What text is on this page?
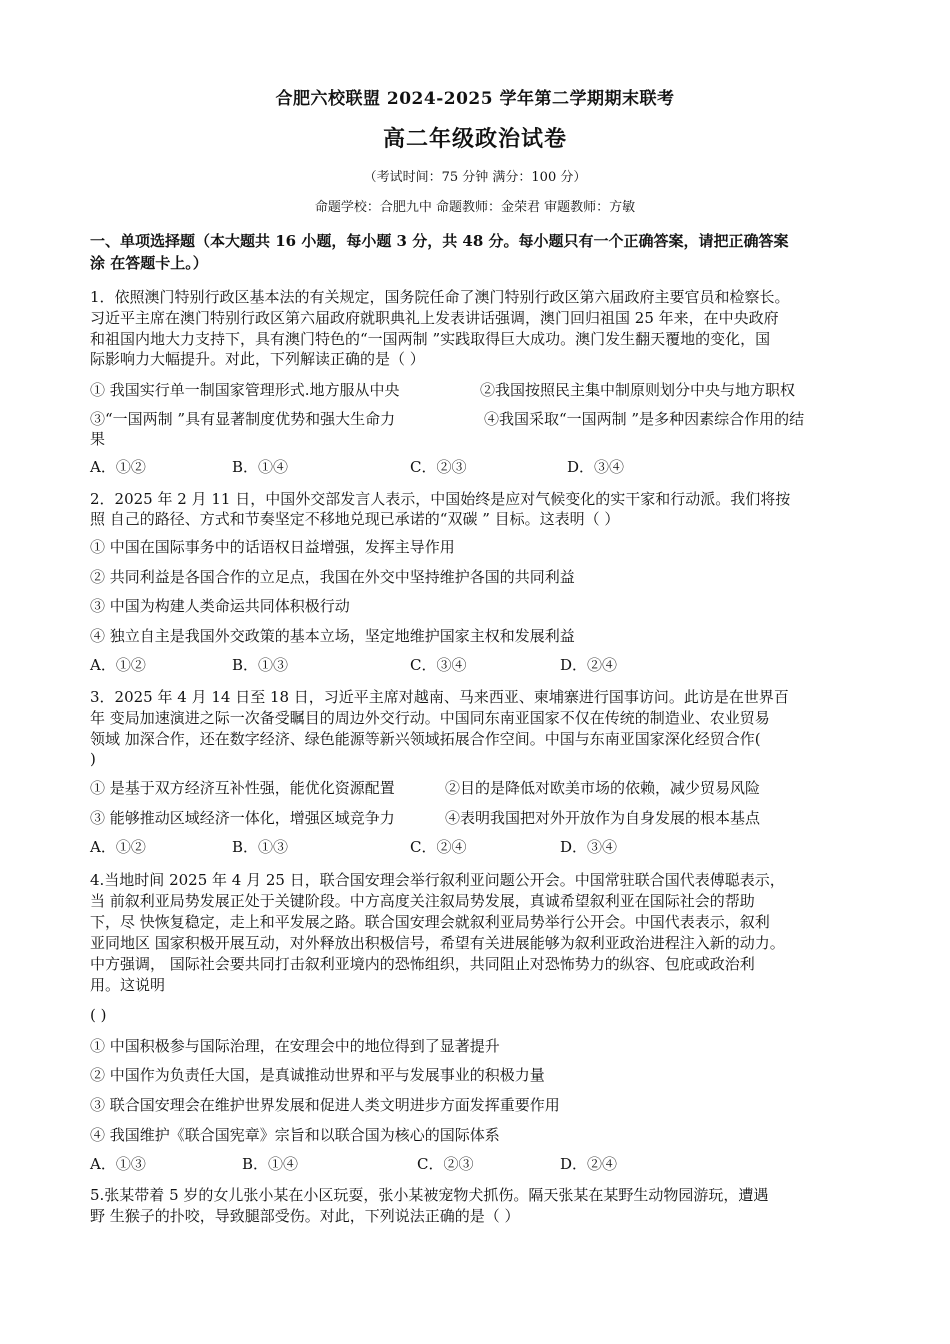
合肥六校联盟 2024-2025 学年第二学期期末联考
高二年级政治试卷
（考试时间：75 分钟 满分：100 分）
命题学校：合肥九中 命题教师：金荣君 审题教师：方敏
一、单项选择题（本大题共 16 小题，每小题 3 分，共 48 分。每小题只有一个正确答案，请把正确答案
涂 在答题卡上。）
1．依照澳门特别行政区基本法的有关规定，国务院任命了澳门特别行政区第六届政府主要官员和检察长。
习近平主席在澳门特别行政区第六届政府就职典礼上发表讲话强调，澳门回归祖国 25 年来，在中央政府
和祖国内地大力支持下，具有澳门特色的“一国两制 ”实践取得巨大成功。澳门发生翻天覆地的变化，国
际影响力大幅提升。对此，下列解读正确的是（ ）
① 我国实行单一制国家管理形式.地方服从中央	②我国按照民主集中制原则划分中央与地方职权
③“一国两制 ”具有显著制度优势和强大生命力	④我国采取“一国两制 ”是多种因素综合作用的结
果
A．①②	B．①④	C．②③	D．③④
2．2025 年 2 月 11 日，中国外交部发言人表示，中国始终是应对气候变化的实干家和行动派。我们将按
照 自己的路径、方式和节奏坚定不移地兑现已承诺的“双碳 ” 目标。这表明（ ）
① 中国在国际事务中的话语权日益增强，发挥主导作用
② 共同利益是各国合作的立足点，我国在外交中坚持维护各国的共同利益
③ 中国为构建人类命运共同体积极行动
④ 独立自主是我国外交政策的基本立场，坚定地维护国家主权和发展利益
A．①②	B．①③	C．③④	D．②④
3．2025 年 4 月 14 日至 18 日，习近平主席对越南、马来西亚、柬埔寨进行国事访问。此访是在世界百
年 变局加速演进之际一次备受瞩目的周边外交行动。中国同东南亚国家不仅在传统的制造业、农业贸易
领域 加深合作，还在数字经济、绿色能源等新兴领域拓展合作空间。中国与东南亚国家深化经贸合作(
)
① 是基于双方经济互补性强，能优化资源配置	②目的是降低对欧美市场的依赖，减少贸易风险
③ 能够推动区域经济一体化，增强区域竞争力	④表明我国把对外开放作为自身发展的根本基点
A．①②	B．①③	C．②④	D．③④
4.当地时间 2025 年 4 月 25 日，联合国安理会举行叙利亚问题公开会。中国常驻联合国代表傅聪表示，
当 前叙利亚局势发展正处于关键阶段。中方高度关注叙局势发展，真诚希望叙利亚在国际社会的帮助
下，尽 快恢复稳定，走上和平发展之路。联合国安理会就叙利亚局势举行公开会。中国代表表示，叙利
亚同地区 国家积极开展互动，对外释放出积极信号，希望有关进展能够为叙利亚政治进程注入新的动力。
中方强调， 国际社会要共同打击叙利亚境内的恐怖组织，共同阻止对恐怖势力的纵容、包庇或政治利
用。这说明
( )
① 中国积极参与国际治理，在安理会中的地位得到了显著提升
② 中国作为负责任大国，是真诚推动世界和平与发展事业的积极力量
③ 联合国安理会在维护世界发展和促进人类文明进步方面发挥重要作用
④ 我国维护《联合国宪章》宗旨和以联合国为核心的国际体系
A．①③	B．①④	C．②③	D．②④
5.张某带着 5 岁的女儿张小某在小区玩耍，张小某被宠物犬抓伤。隔天张某在某野生动物园游玩，遭遇
野 生猴子的扑咬，导致腿部受伤。对此，下列说法正确的是（ ）
